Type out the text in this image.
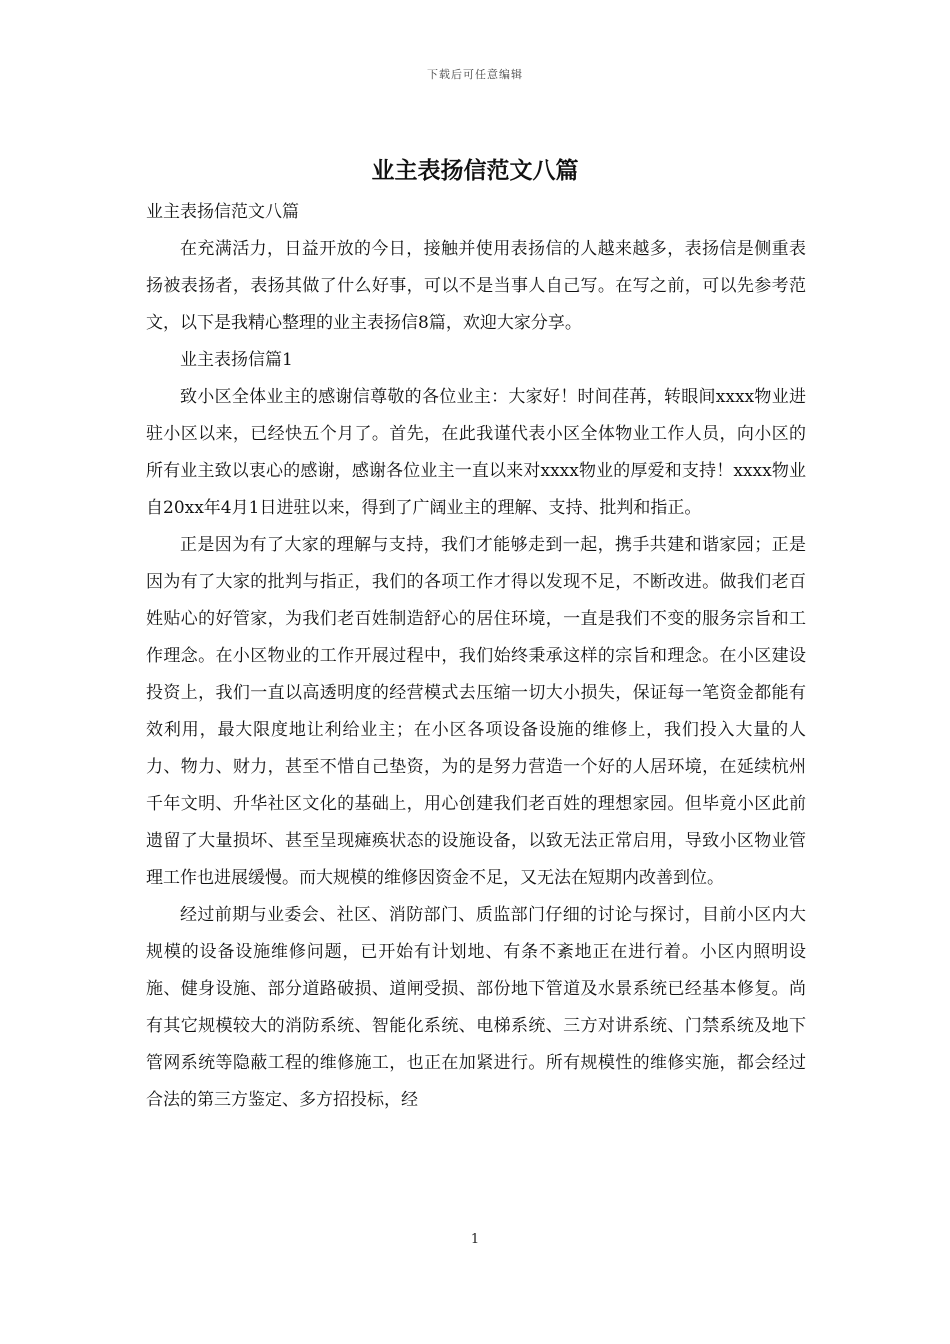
下载后可任意编辑
业主表扬信范文八篇

业主表扬信范文八篇

在充满活力，日益开放的今日，接触并使用表扬信的人越来越多，表扬信是侧重表扬被表扬者，表扬其做了什么好事，可以不是当事人自己写。在写之前，可以先参考范文，以下是我精心整理的业主表扬信8篇，欢迎大家分享。

业主表扬信篇1

致小区全体业主的感谢信尊敬的各位业主：大家好！时间荏苒，转眼间xxxx物业进驻小区以来，已经快五个月了。首先，在此我谨代表小区全体物业工作人员，向小区的所有业主致以衷心的感谢，感谢各位业主一直以来对xxxx物业的厚爱和支持！xxxx物业自20xx年4月1日进驻以来，得到了广阔业主的理解、支持、批判和指正。

正是因为有了大家的理解与支持，我们才能够走到一起，携手共建和谐家园；正是因为有了大家的批判与指正，我们的各项工作才得以发现不足，不断改进。做我们老百姓贴心的好管家，为我们老百姓制造舒心的居住环境，一直是我们不变的服务宗旨和工作理念。在小区物业的工作开展过程中，我们始终秉承这样的宗旨和理念。在小区建设投资上，我们一直以高透明度的经营模式去压缩一切大小损失，保证每一笔资金都能有效利用，最大限度地让利给业主；在小区各项设备设施的维修上，我们投入大量的人力、物力、财力，甚至不惜自己垫资，为的是努力营造一个好的人居环境，在延续杭州千年文明、升华社区文化的基础上，用心创建我们老百姓的理想家园。但毕竟小区此前遗留了大量损坏、甚至呈现瘫痪状态的设施设备，以致无法正常启用，导致小区物业管理工作也进展缓慢。而大规模的维修因资金不足，又无法在短期内改善到位。

经过前期与业委会、社区、消防部门、质监部门仔细的讨论与探讨，目前小区内大规模的设备设施维修问题，已开始有计划地、有条不紊地正在进行着。小区内照明设施、健身设施、部分道路破损、道闸受损、部份地下管道及水景系统已经基本修复。尚有其它规模较大的消防系统、智能化系统、电梯系统、三方对讲系统、门禁系统及地下管网系统等隐蔽工程的维修施工，也正在加紧进行。所有规模性的维修实施，都会经过合法的第三方鉴定、多方招投标，经

1
